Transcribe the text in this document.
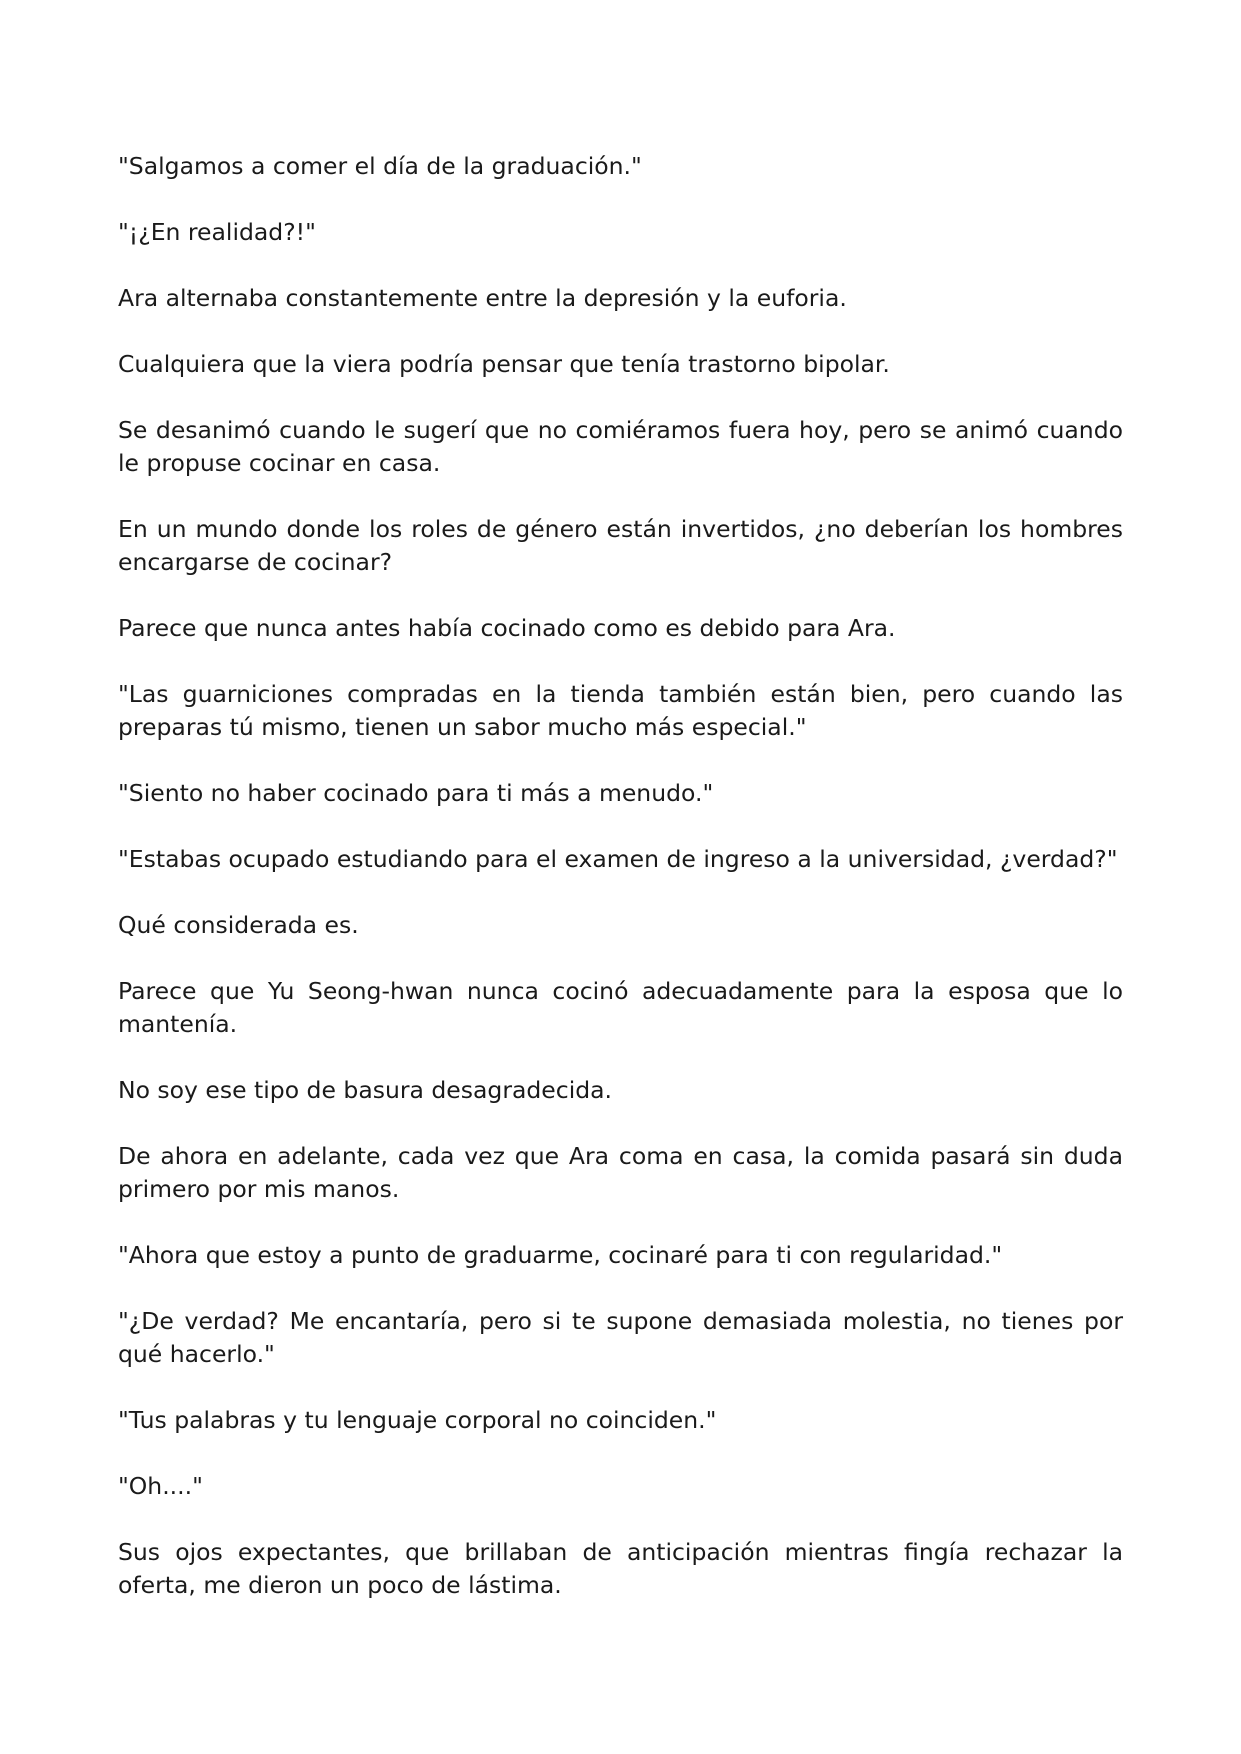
"Salgamos a comer el día de la graduación."

"¡¿En realidad?!"

Ara alternaba constantemente entre la depresión y la euforia.

Cualquiera que la viera podría pensar que tenía trastorno bipolar.

Se desanimó cuando le sugerí que no comiéramos fuera hoy, pero se animó cuando le propuse cocinar en casa.

En un mundo donde los roles de género están invertidos, ¿no deberían los hombres encargarse de cocinar?

Parece que nunca antes había cocinado como es debido para Ara.

"Las guarniciones compradas en la tienda también están bien, pero cuando las preparas tú mismo, tienen un sabor mucho más especial."

"Siento no haber cocinado para ti más a menudo."

"Estabas ocupado estudiando para el examen de ingreso a la universidad, ¿verdad?"

Qué considerada es.

Parece que Yu Seong-hwan nunca cocinó adecuadamente para la esposa que lo mantenía.

No soy ese tipo de basura desagradecida.

De ahora en adelante, cada vez que Ara coma en casa, la comida pasará sin duda primero por mis manos.

"Ahora que estoy a punto de graduarme, cocinaré para ti con regularidad."

"¿De verdad? Me encantaría, pero si te supone demasiada molestia, no tienes por qué hacerlo."

"Tus palabras y tu lenguaje corporal no coinciden."

"Oh...."

Sus ojos expectantes, que brillaban de anticipación mientras fingía rechazar la oferta, me dieron un poco de lástima.
